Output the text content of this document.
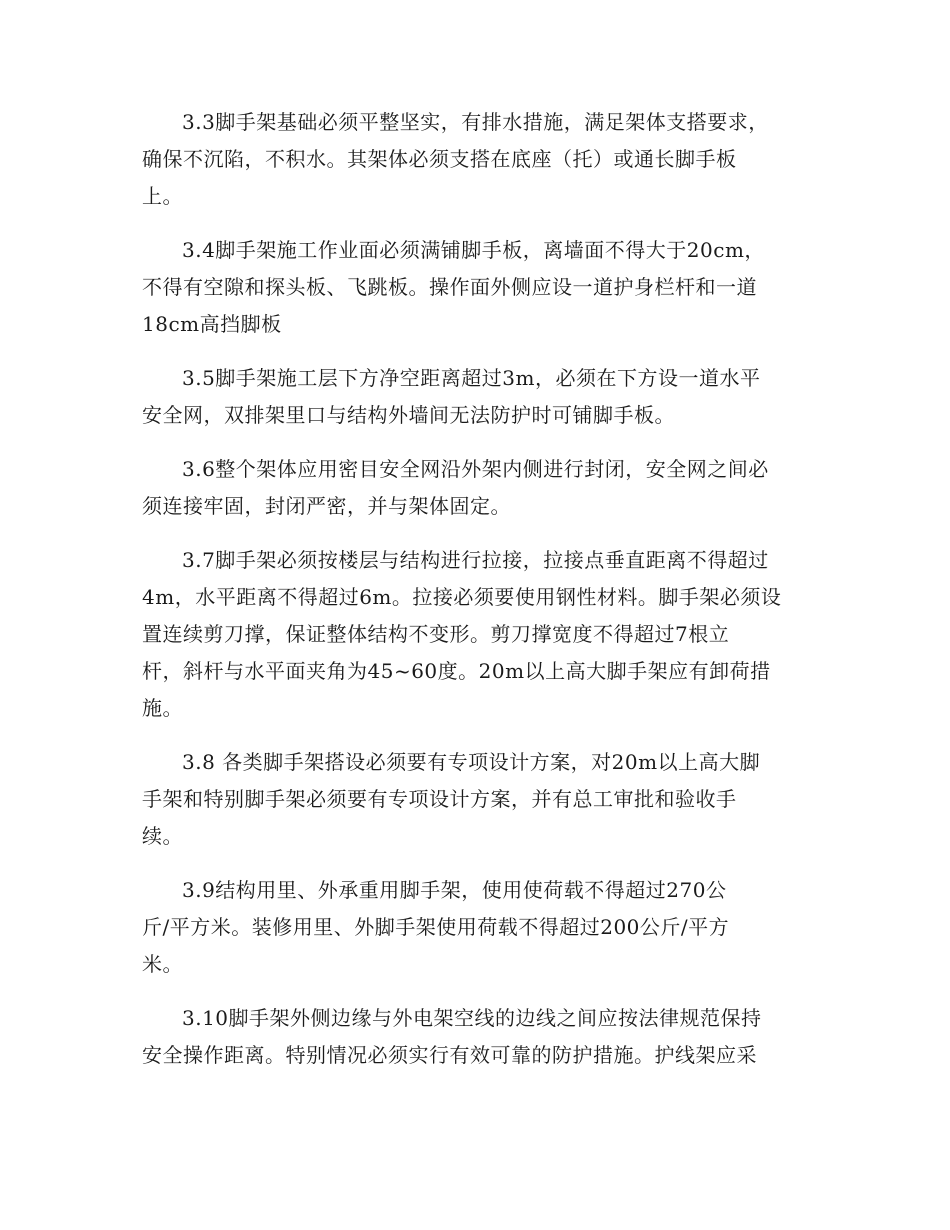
3.3脚手架基础必须平整坚实，有排水措施，满足架体支搭要求，
确保不沉陷，不积水。其架体必须支搭在底座（托）或通长脚手板
上。
3.4脚手架施工作业面必须满铺脚手板，离墙面不得大于20cm，
不得有空隙和探头板、飞跳板。操作面外侧应设一道护身栏杆和一道
18cm高挡脚板
3.5脚手架施工层下方净空距离超过3m，必须在下方设一道水平
安全网，双排架里口与结构外墙间无法防护时可铺脚手板。
3.6整个架体应用密目安全网沿外架内侧进行封闭，安全网之间必
须连接牢固，封闭严密，并与架体固定。
3.7脚手架必须按楼层与结构进行拉接，拉接点垂直距离不得超过
4m，水平距离不得超过6m。拉接必须要使用钢性材料。脚手架必须设
置连续剪刀撑，保证整体结构不变形。剪刀撑宽度不得超过7根立
杆，斜杆与水平面夹角为45~60度。20m以上高大脚手架应有卸荷措
施。
3.8 各类脚手架搭设必须要有专项设计方案，对20m以上高大脚
手架和特别脚手架必须要有专项设计方案，并有总工审批和验收手
续。
3.9结构用里、外承重用脚手架，使用使荷载不得超过270公
斤/平方米。装修用里、外脚手架使用荷载不得超过200公斤/平方
米。
3.10脚手架外侧边缘与外电架空线的边线之间应按法律规范保持
安全操作距离。特别情况必须实行有效可靠的防护措施。护线架应采
